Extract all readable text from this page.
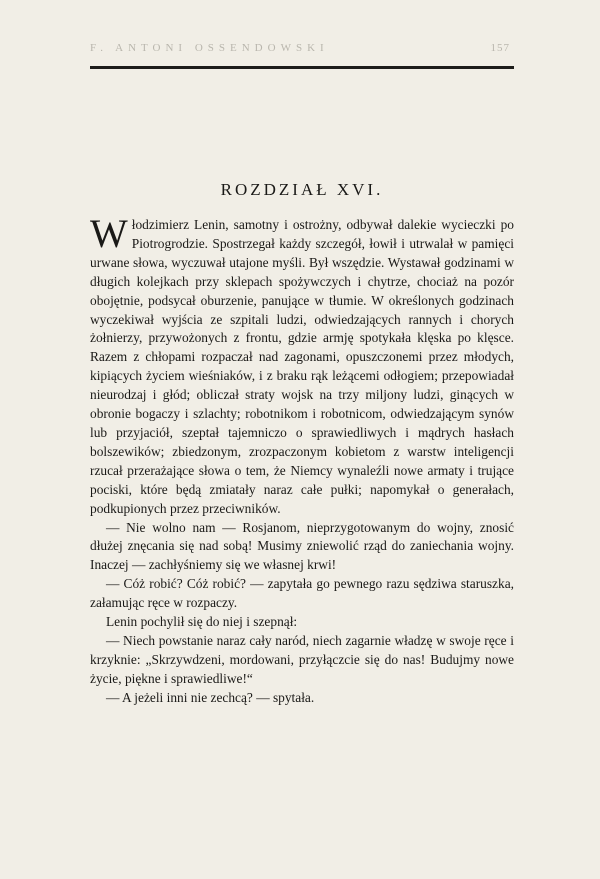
F. ANTONI OSSENDOWSKI	157
ROZDZIAŁ XVI.

Włodzimierz Lenin, samotny i ostrożny, odbywał dalekie wycieczki po Piotrogrodzie. Spostrzegał każdy szczegół, łowił i utrwalał w pamięci urwane słowa, wyczuwał utajone myśli. Był wszędzie. Wystawał godzinami w długich kolejkach przy sklepach spożywczych i chytrze, chociaż na pozór obojętnie, podsycał oburzenie, panujące w tłumie. W określonych godzinach wyczekiwał wyjścia ze szpitali ludzi, odwiedzających rannych i chorych żołnierzy, przywożonych z frontu, gdzie armję spotykała klęska po klęsce. Razem z chłopami rozpaczał nad zagonami, opuszczonemi przez młodych, kipiących życiem wieśniaków, i z braku rąk leżącemi odłogiem; przepowiadał nieurodzaj i głód; obliczał straty wojsk na trzy miljony ludzi, ginących w obronie bogaczy i szlachty; robotnikom i robotnicom, odwiedzającym synów lub przyjaciół, szeptał tajemniczo o sprawiedliwych i mądrych hasłach bolszewików; zbiedzonym, zrozpaczonym kobietom z warstw inteligencji rzucał przerażające słowa o tem, że Niemcy wynaleźli nowe armaty i trujące pociski, które będą zmiatały naraz całe pułki; napomykał o generałach, podkupionych przez przeciwników.

— Nie wolno nam — Rosjanom, nieprzygotowanym do wojny, znosić dłużej znęcania się nad sobą! Musimy zniewolić rząd do zaniechania wojny. Inaczej — zachłyśniemy się we własnej krwi!

— Cóż robić? Cóż robić? — zapytała go pewnego razu sędziwa staruszka, załamując ręce w rozpaczy.

Lenin pochylił się do niej i szepnął:

— Niech powstanie naraz cały naród, niech zagarnie władzę w swoje ręce i krzyknie: „Skrzywdzeni, mordowani, przyłączcie się do nas! Budujmy nowe życie, piękne i sprawiedliwe!“

— A jeżeli inni nie zechcą? — spytała.
